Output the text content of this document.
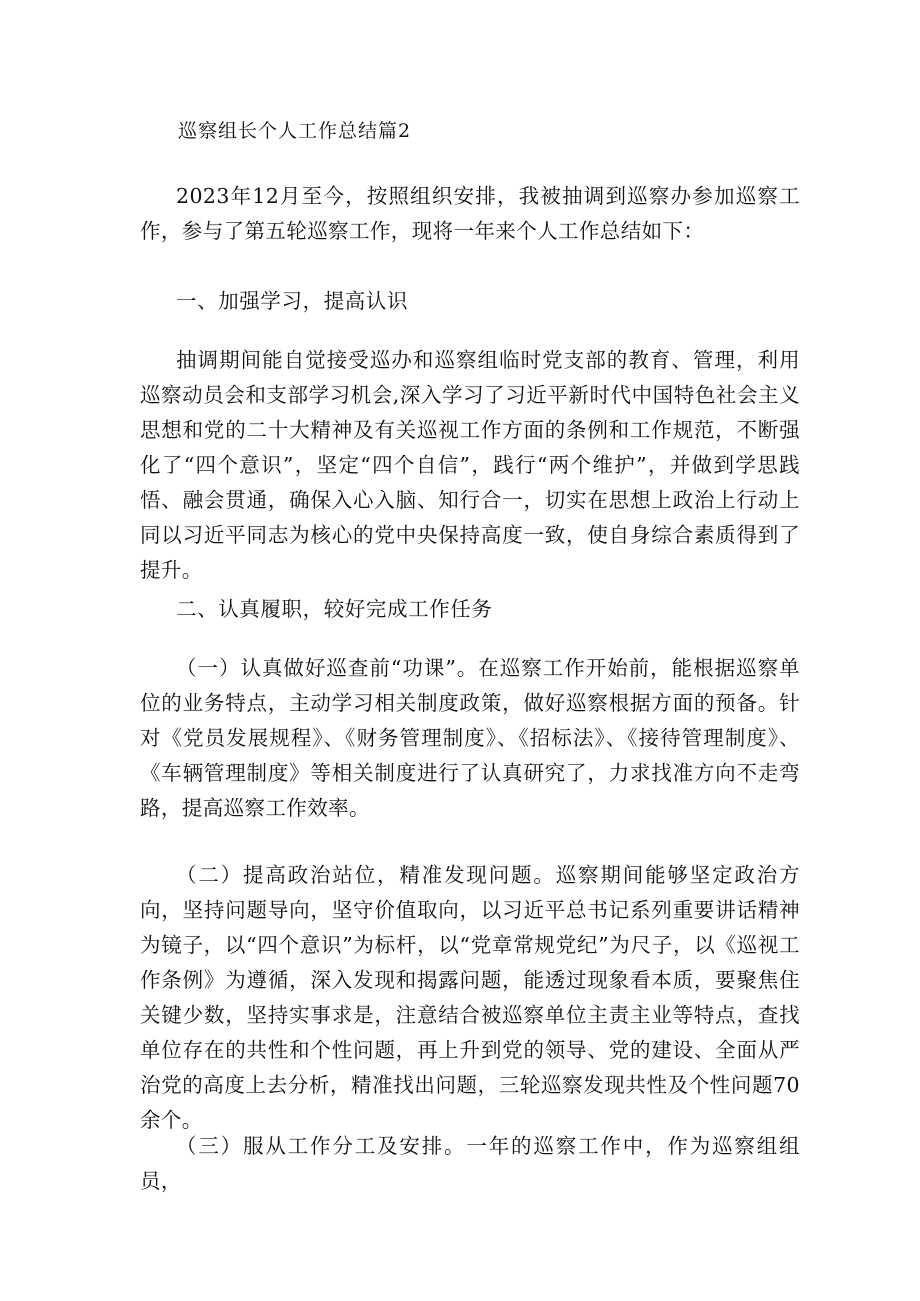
巡察组长个人工作总结篇2

2023年12月至今，按照组织安排，我被抽调到巡察办参加巡察工作，参与了第五轮巡察工作，现将一年来个人工作总结如下：

一、加强学习，提高认识

抽调期间能自觉接受巡办和巡察组临时党支部的教育、管理，利用巡察动员会和支部学习机会,深入学习了习近平新时代中国特色社会主义思想和党的二十大精神及有关巡视工作方面的条例和工作规范，不断强化了“四个意识”，坚定“四个自信”，践行“两个维护”，并做到学思践悟、融会贯通，确保入心入脑、知行合一，切实在思想上政治上行动上同以习近平同志为核心的党中央保持高度一致，使自身综合素质得到了提升。

二、认真履职，较好完成工作任务

（一）认真做好巡查前“功课”。在巡察工作开始前，能根据巡察单位的业务特点，主动学习相关制度政策，做好巡察根据方面的预备。针对《党员发展规程》、《财务管理制度》、《招标法》、《接待管理制度》、《车辆管理制度》等相关制度进行了认真研究了，力求找准方向不走弯路，提高巡察工作效率。

（二）提高政治站位，精准发现问题。巡察期间能够坚定政治方向，坚持问题导向，坚守价值取向，以习近平总书记系列重要讲话精神为镜子，以“四个意识”为标杆，以“党章常规党纪”为尺子，以《巡视工作条例》为遵循，深入发现和揭露问题，能透过现象看本质，要聚焦住关键少数，坚持实事求是，注意结合被巡察单位主责主业等特点，查找单位存在的共性和个性问题，再上升到党的领导、党的建设、全面从严治党的高度上去分析，精准找出问题，三轮巡察发现共性及个性问题70余个。

（三）服从工作分工及安排。一年的巡察工作中，作为巡察组组员，
